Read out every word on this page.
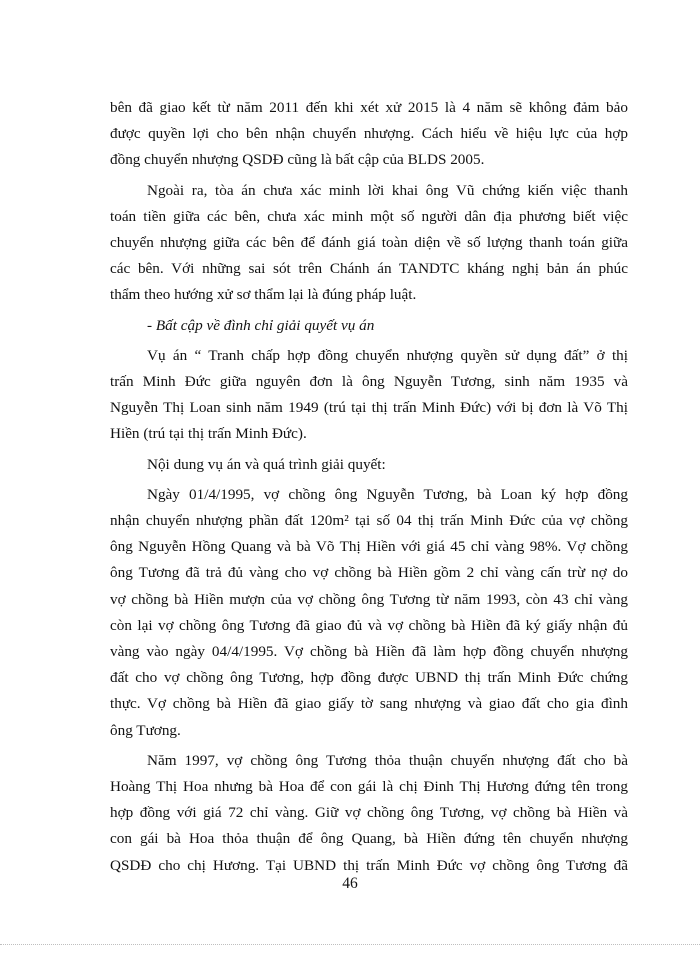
bên đã giao kết từ năm 2011 đến khi xét xử 2015 là 4 năm sẽ không đảm bảo
được quyền lợi cho bên nhận chuyển nhượng. Cách hiểu về hiệu lực của hợp
đồng chuyển nhượng QSDĐ cũng là bất cập của BLDS 2005.

Ngoài ra, tòa án chưa xác minh lời khai ông Vũ chứng kiến việc thanh
toán tiền giữa các bên, chưa xác minh một số người dân địa phương biết việc
chuyển nhượng giữa các bên để đánh giá toàn diện về số lượng thanh toán giữa
các bên. Với những sai sót trên Chánh án TANDTC kháng nghị bản án phúc
thẩm theo hướng xử sơ thẩm lại là đúng pháp luật.

- Bất cập về đình chỉ giải quyết vụ án

Vụ án “ Tranh chấp hợp đồng chuyển nhượng quyền sử dụng đất” ở thị
trấn Minh Đức giữa nguyên đơn là ông Nguyễn Tương, sinh năm 1935 và
Nguyễn Thị Loan sinh năm 1949 (trú tại thị trấn Minh Đức) với bị đơn là Võ Thị
Hiền (trú tại thị trấn Minh Đức).

Nội dung vụ án và quá trình giải quyết:

Ngày 01/4/1995, vợ chồng ông Nguyễn Tương, bà Loan ký hợp đồng
nhận chuyển nhượng phần đất 120m² tại số 04 thị trấn Minh Đức của vợ chồng
ông Nguyễn Hồng Quang và bà Võ Thị Hiền với giá 45 chỉ vàng 98%. Vợ chồng
ông Tương đã trả đủ vàng cho vợ chồng bà Hiền gồm 2 chỉ vàng cấn trừ nợ do
vợ chồng bà Hiền mượn của vợ chồng ông Tương từ năm 1993, còn 43 chỉ vàng
còn lại vợ chồng ông Tương đã giao đủ và vợ chồng bà Hiền đã ký giấy nhận đủ
vàng vào ngày 04/4/1995. Vợ chồng bà Hiền đã làm hợp đồng chuyển nhượng
đất cho vợ chồng ông Tương, hợp đồng được UBND thị trấn Minh Đức chứng
thực. Vợ chồng bà Hiền đã giao giấy tờ sang nhượng và giao đất cho gia đình
ông Tương.

Năm 1997, vợ chồng ông Tương thỏa thuận chuyển nhượng đất cho bà
Hoàng Thị Hoa nhưng bà Hoa để con gái là chị Đinh Thị Hương đứng tên trong
hợp đồng với giá 72 chỉ vàng. Giữ vợ chồng ông Tương, vợ chồng bà Hiền và
con gái bà Hoa thỏa thuận để ông Quang, bà Hiền đứng tên chuyển nhượng
QSDĐ cho chị Hương. Tại UBND thị trấn Minh Đức vợ chồng ông Tương đã

46
